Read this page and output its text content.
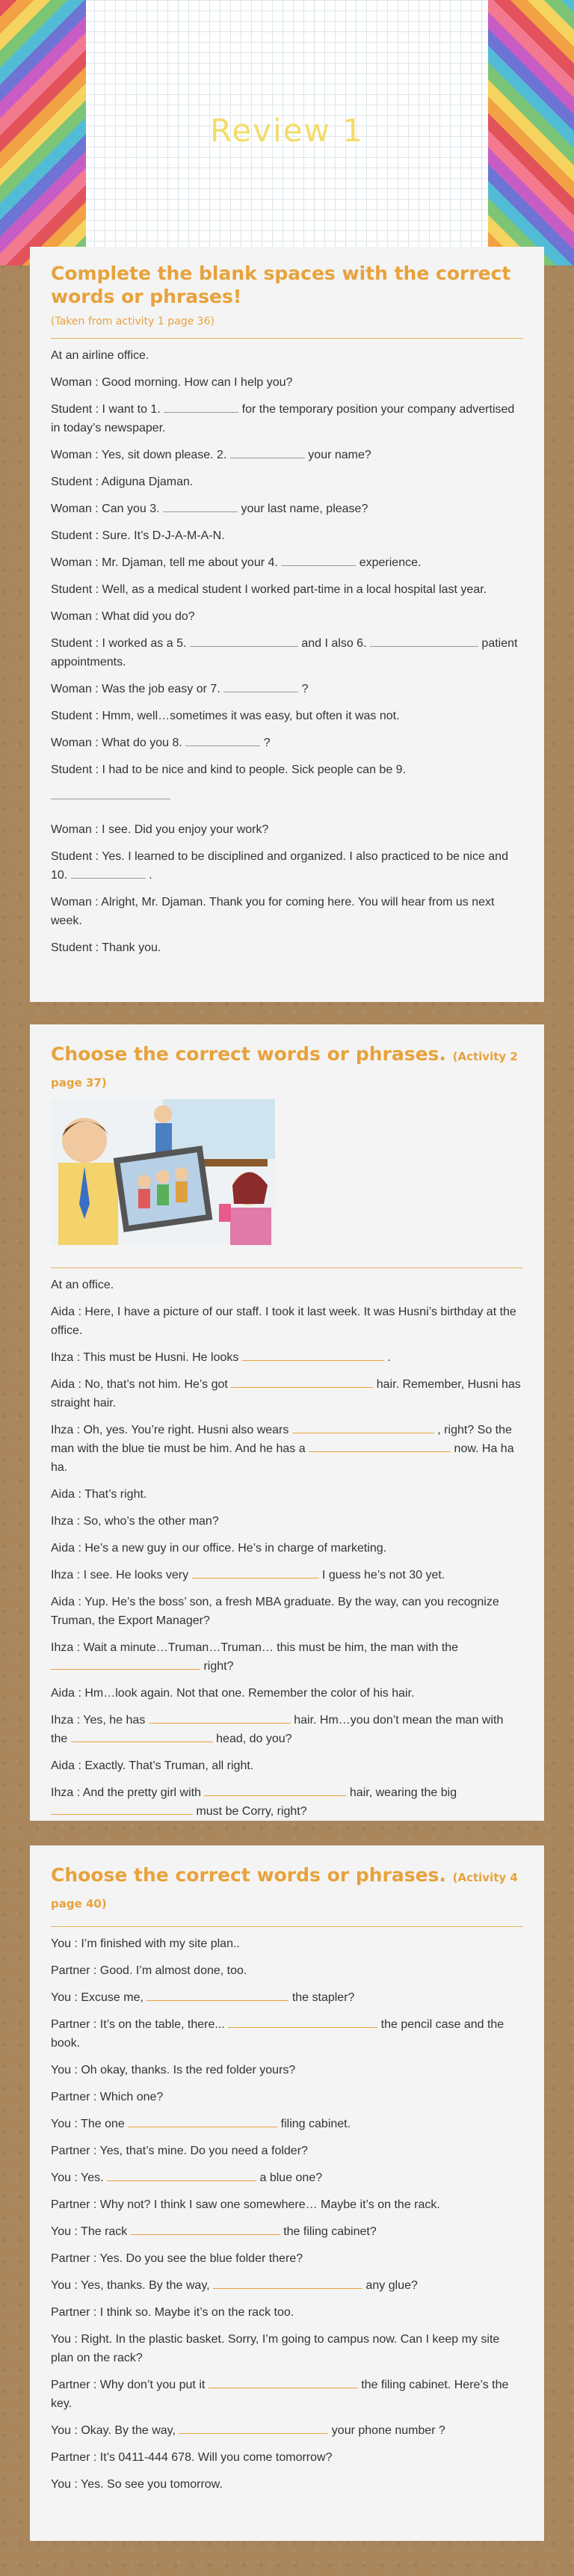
Review 1
Complete the blank spaces with the correct words or phrases!
(Taken from activity 1 page 36)

At an airline office.

Woman : Good morning. How can I help you?

Student : I want to 1.	for the temporary position your company advertised in today’s newspaper.

Woman : Yes, sit down please. 2.	your name?

Student : Adiguna Djaman.

Woman : Can you 3.	your last name, please?

Student : Sure. It’s D-J-A-M-A-N.

Woman : Mr. Djaman, tell me about your 4.	experience.

Student : Well, as a medical student I worked part-time in a local hospital last year.

Woman : What did you do?

Student : I worked as a 5.	and I also 6.	patient appointments.

Woman : Was the job easy or 7.	?

Student : Hmm, well…sometimes it was easy, but often it was not.

Woman : What do you 8.	?

Student : I had to be nice and kind to people. Sick people can be 9.

Woman : I see. Did you enjoy your work?

Student : Yes. I learned to be disciplined and organized. I also practiced to be nice and 10.	.

Woman : Alright, Mr. Djaman. Thank you for coming here. You will hear from us next week.

Student : Thank you.

Choose the correct words or phrases. (Activity 2 page 37)

At an office.

Aida : Here, I have a picture of our staff. I took it last week. It was Husni’s birthday at the office.

Ihza : This must be Husni. He looks	.

Aida : No, that’s not him. He’s got	hair. Remember, Husni has straight hair.

Ihza : Oh, yes. You’re right. Husni also wears	, right? So the man with the blue tie must be him. And he has a	now. Ha ha ha.

Aida : That’s right.

Ihza : So, who’s the other man?

Aida : He’s a new guy in our office. He’s in charge of marketing.

Ihza : I see. He looks very	I guess he’s not 30 yet.

Aida : Yup. He’s the boss’ son, a fresh MBA graduate. By the way, can you recognize Truman, the Export Manager?

Ihza : Wait a minute…Truman…Truman… this must be him, the man with the  right?

Aida : Hm…look again. Not that one. Remember the color of his hair.

Ihza : Yes, he has	hair. Hm…you don’t mean the man with the	head, do you?

Aida : Exactly. That’s Truman, all right.

Ihza : And the pretty girl with	hair, wearing the big  must be Corry, right?

Choose the correct words or phrases. (Activity 4 page 40)

You : I’m finished with my site plan..

Partner : Good. I’m almost done, too.

You : Excuse me,	the stapler?

Partner : It’s on the table, there...	the pencil case and the book.

You : Oh okay, thanks. Is the red folder yours?

Partner : Which one?

You : The one	filing cabinet.

Partner : Yes, that’s mine. Do you need a folder?

You : Yes.	a blue one?

Partner : Why not? I think I saw one somewhere… Maybe it’s on the rack.

You : The rack	the filing cabinet?

Partner : Yes. Do you see the blue folder there?

You : Yes, thanks. By the way,	any glue?

Partner : I think so. Maybe it’s on the rack too.

You : Right. In the plastic basket. Sorry, I’m going to campus now. Can I keep my site plan on the rack?

Partner : Why don’t you put it	the filing cabinet. Here’s the key.

You : Okay. By the way,	your phone number ?

Partner : It’s 0411-444 678. Will you come tomorrow?

You : Yes. So see you tomorrow.
